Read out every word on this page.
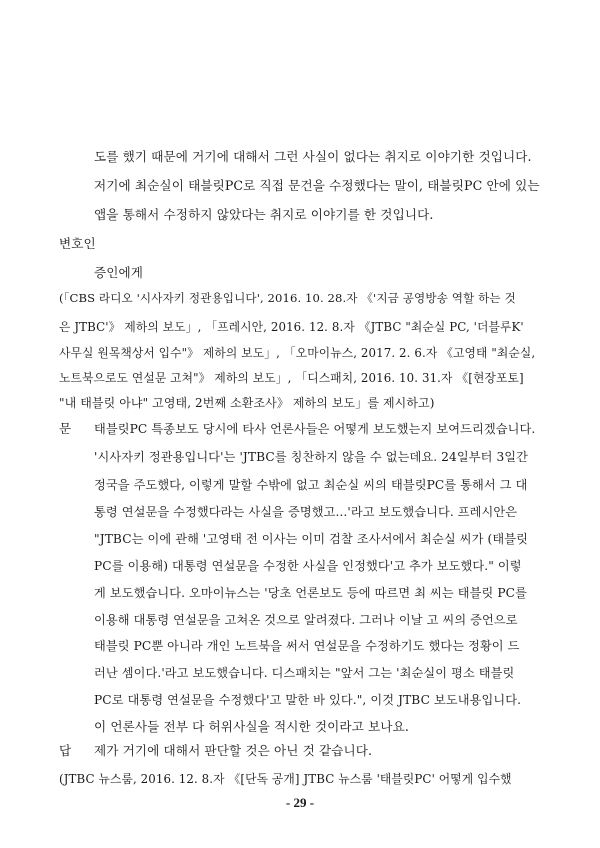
도를 했기 때문에 거기에 대해서 그런 사실이 없다는 취지로 이야기한 것입니다.
저기에 최순실이 태블릿PC로 직접 문건을 수정했다는 말이, 태블릿PC 안에 있는
앱을 통해서 수정하지 않았다는 취지로 이야기를 한 것입니다.
변호인
증인에게
(「CBS 라디오 '시사자키 정관용입니다', 2016. 10. 28.자 《'지금 공영방송 역할 하는 것
은 JTBC'》 제하의 보도」, 「프레시안, 2016. 12. 8.자 《JTBC "최순실 PC, '더블루K'
사무실 원목책상서 입수"》 제하의 보도」, 「오마이뉴스, 2017. 2. 6.자 《고영태 "최순실,
노트북으로도 연설문 고쳐"》 제하의 보도」, 「디스패치, 2016. 10. 31.자 《[현장포토]
"내 태블릿 아냐" 고영태, 2번째 소환조사》 제하의 보도」를 제시하고)
문 태블릿PC 특종보도 당시에 타사 언론사들은 어떻게 보도했는지 보여드리겠습니다.
'시사자키 정관용입니다'는 'JTBC를 칭찬하지 않을 수 없는데요. 24일부터 3일간
정국을 주도했다, 이렇게 말할 수밖에 없고 최순실 씨의 태블릿PC를 통해서 그 대
통령 연설문을 수정했다라는 사실을 증명했고...'라고 보도했습니다. 프레시안은
"JTBC는 이에 관해 '고영태 전 이사는 이미 검찰 조사서에서 최순실 씨가 (태블릿
PC를 이용해) 대통령 연설문을 수정한 사실을 인정했다'고 추가 보도했다." 이렇
게 보도했습니다. 오마이뉴스는 '당초 언론보도 등에 따르면 최 씨는 태블릿 PC를
이용해 대통령 연설문을 고쳐온 것으로 알려졌다. 그러나 이날 고 씨의 증언으로
태블릿 PC뿐 아니라 개인 노트북을 써서 연설문을 수정하기도 했다는 정황이 드
러난 셈이다.'라고 보도했습니다. 디스패치는 "앞서 그는 '최순실이 평소 태블릿
PC로 대통령 연설문을 수정했다'고 말한 바 있다.", 이것 JTBC 보도내용입니다.
이 언론사들 전부 다 허위사실을 적시한 것이라고 보나요.
답 제가 거기에 대해서 판단할 것은 아닌 것 같습니다.
(JTBC 뉴스룸, 2016. 12. 8.자 《[단독 공개] JTBC 뉴스룸 '태블릿PC' 어떻게 입수했
- 29 -
